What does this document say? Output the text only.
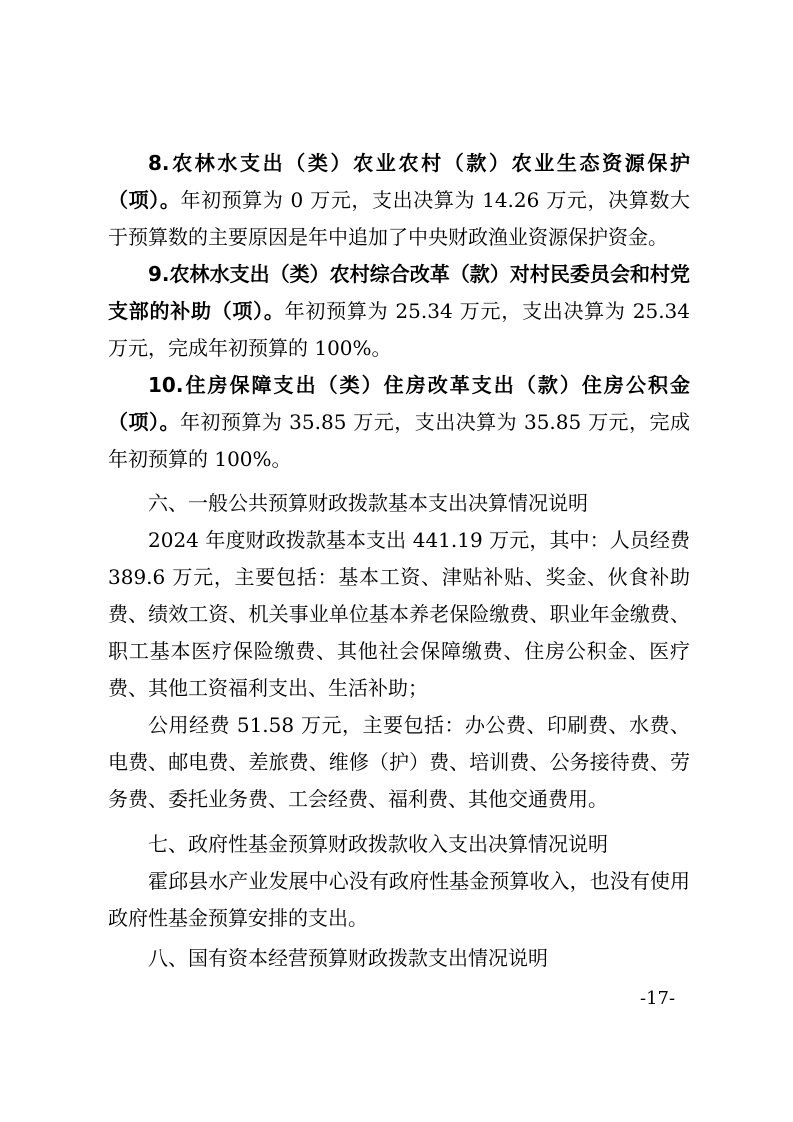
8.农林水支出（类）农业农村（款）农业生态资源保护（项）。年初预算为 0 万元，支出决算为 14.26 万元，决算数大于预算数的主要原因是年中追加了中央财政渔业资源保护资金。

9.农林水支出（类）农村综合改革（款）对村民委员会和村党支部的补助（项）。年初预算为 25.34 万元，支出决算为 25.34 万元，完成年初预算的 100%。

10.住房保障支出（类）住房改革支出（款）住房公积金（项）。年初预算为 35.85 万元，支出决算为 35.85 万元，完成年初预算的 100%。

六、一般公共预算财政拨款基本支出决算情况说明

2024 年度财政拨款基本支出 441.19 万元，其中：人员经费 389.6 万元，主要包括：基本工资、津贴补贴、奖金、伙食补助费、绩效工资、机关事业单位基本养老保险缴费、职业年金缴费、职工基本医疗保险缴费、其他社会保障缴费、住房公积金、医疗费、其他工资福利支出、生活补助；

公用经费 51.58 万元，主要包括：办公费、印刷费、水费、电费、邮电费、差旅费、维修（护）费、培训费、公务接待费、劳务费、委托业务费、工会经费、福利费、其他交通费用。

七、政府性基金预算财政拨款收入支出决算情况说明

霍邱县水产业发展中心没有政府性基金预算收入，也没有使用政府性基金预算安排的支出。

八、国有资本经营预算财政拨款支出情况说明

-17-
